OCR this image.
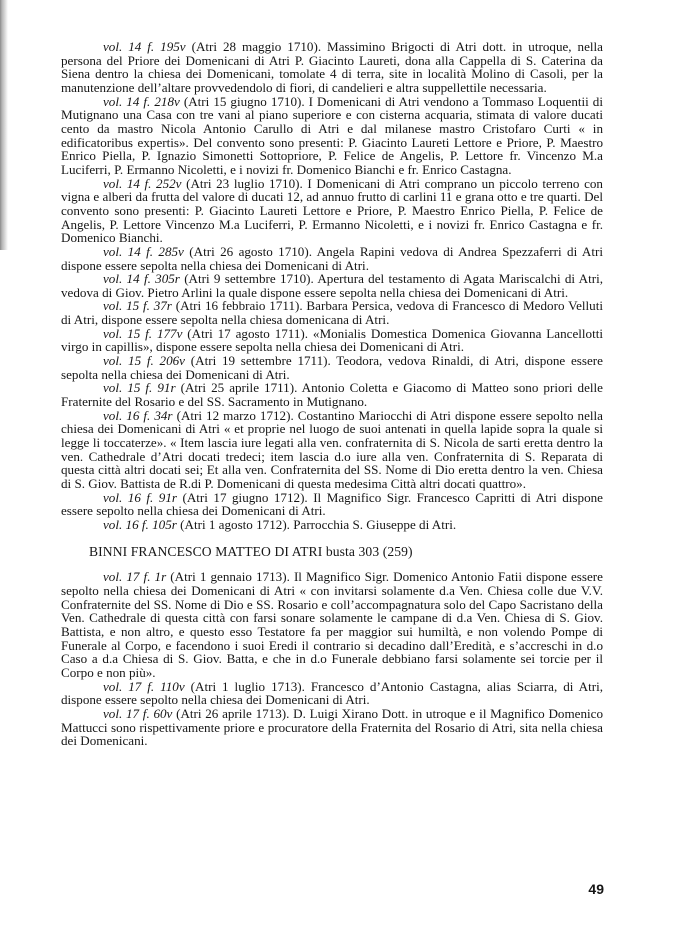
vol. 14 f. 195v (Atri 28 maggio 1710). Massimino Brigocti di Atri dott. in utroque, nella persona del Priore dei Domenicani di Atri P. Giacinto Laureti, dona alla Cappella di S. Caterina da Siena dentro la chiesa dei Domenicani, tomolate 4 di terra, site in località Molino di Casoli, per la manutenzione dell’altare provvedendolo di fiori, di candelieri e altra suppellettile necessaria.

vol. 14 f. 218v (Atri 15 giugno 1710). I Domenicani di Atri vendono a Tommaso Loquentii di Mutignano una Casa con tre vani al piano superiore e con cisterna acquaria, stimata di valore ducati cento da mastro Nicola Antonio Carullo di Atri e dal milanese mastro Cristofaro Curti « in edificatoribus expertis». Del convento sono presenti: P. Giacinto Laureti Lettore e Priore, P. Maestro Enrico Piella, P. Ignazio Simonetti Sottopriore, P. Felice de Angelis, P. Lettore fr. Vincenzo M.a Luciferri, P. Ermanno Nicoletti, e i novizi fr. Domenico Bianchi e fr. Enrico Castagna.

vol. 14 f. 252v (Atri 23 luglio 1710). I Domenicani di Atri comprano un piccolo terreno con vigna e alberi da frutta del valore di ducati 12, ad annuo frutto di carlini 11 e grana otto e tre quarti. Del convento sono presenti: P. Giacinto Laureti Lettore e Priore, P. Maestro Enrico Piella, P. Felice de Angelis, P. Lettore Vincenzo M.a Luciferri, P. Ermanno Nicoletti, e i novizi fr. Enrico Castagna e fr. Domenico Bianchi.

vol. 14 f. 285v (Atri 26 agosto 1710). Angela Rapini vedova di Andrea Spezzaferri di Atri dispone essere sepolta nella chiesa dei Domenicani di Atri.

vol. 14 f. 305r (Atri 9 settembre 1710). Apertura del testamento di Agata Mariscalchi di Atri, vedova di Giov. Pietro Arlini la quale dispone essere sepolta nella chiesa dei Domenicani di Atri.

vol. 15 f. 37r (Atri 16 febbraio 1711). Barbara Persica, vedova di Francesco di Medoro Velluti di Atri, dispone essere sepolta nella chiesa domenicana di Atri.

vol. 15 f. 177v (Atri 17 agosto 1711). «Monialis Domestica Domenica Giovanna Lancellotti virgo in capillis», dispone essere sepolta nella chiesa dei Domenicani di Atri.

vol. 15 f. 206v (Atri 19 settembre 1711). Teodora, vedova Rinaldi, di Atri, dispone essere sepolta nella chiesa dei Domenicani di Atri.

vol. 15 f. 91r (Atri 25 aprile 1711). Antonio Coletta e Giacomo di Matteo sono priori delle Fraternite del Rosario e del SS. Sacramento in Mutignano.

vol. 16 f. 34r (Atri 12 marzo 1712). Costantino Mariocchi di Atri dispone essere sepolto nella chiesa dei Domenicani di Atri « et proprie nel luogo de suoi antenati in quella lapide sopra la quale si legge li toccaterze». « Item lascia iure legati alla ven. confraternita di S. Nicola de sarti eretta dentro la ven. Cathedrale d’Atri docati tredeci; item lascia d.o iure alla ven. Confraternita di S. Reparata di questa città altri docati sei; Et alla ven. Confraternita del SS. Nome di Dio eretta dentro la ven. Chiesa di S. Giov. Battista de R.di P. Domenicani di questa medesima Città altri docati quattro».

vol. 16 f. 91r (Atri 17 giugno 1712). Il Magnifico Sigr. Francesco Capritti di Atri dispone essere sepolto nella chiesa dei Domenicani di Atri.

vol. 16 f. 105r (Atri 1 agosto 1712). Parrocchia S. Giuseppe di Atri.

BINNI FRANCESCO MATTEO DI ATRI busta 303 (259)

vol. 17 f. 1r (Atri 1 gennaio 1713). Il Magnifico Sigr. Domenico Antonio Fatii dispone essere sepolto nella chiesa dei Domenicani di Atri « con invitarsi solamente d.a Ven. Chiesa colle due V.V. Confraternite del SS. Nome di Dio e SS. Rosario e coll’accompagnatura solo del Capo Sacristano della Ven. Cathedrale di questa città con farsi sonare solamente le campane di d.a Ven. Chiesa di S. Giov. Battista, e non altro, e questo esso Testatore fa per maggior sui humiltà, e non volendo Pompe di Funerale al Corpo, e facendono i suoi Eredi il contrario si decadino dall’Eredità, e s’accreschi in d.o Caso a d.a Chiesa di S. Giov. Batta, e che in d.o Funerale debbiano farsi solamente sei torcie per il Corpo e non più».

vol. 17 f. 110v (Atri 1 luglio 1713). Francesco d’Antonio Castagna, alias Sciarra, di Atri, dispone essere sepolto nella chiesa dei Domenicani di Atri.

vol. 17 f. 60v (Atri 26 aprile 1713). D. Luigi Xirano Dott. in utroque e il Magnifico Domenico Mattucci sono rispettivamente priore e procuratore della Fraternita del Rosario di Atri, sita nella chiesa dei Domenicani.

49
